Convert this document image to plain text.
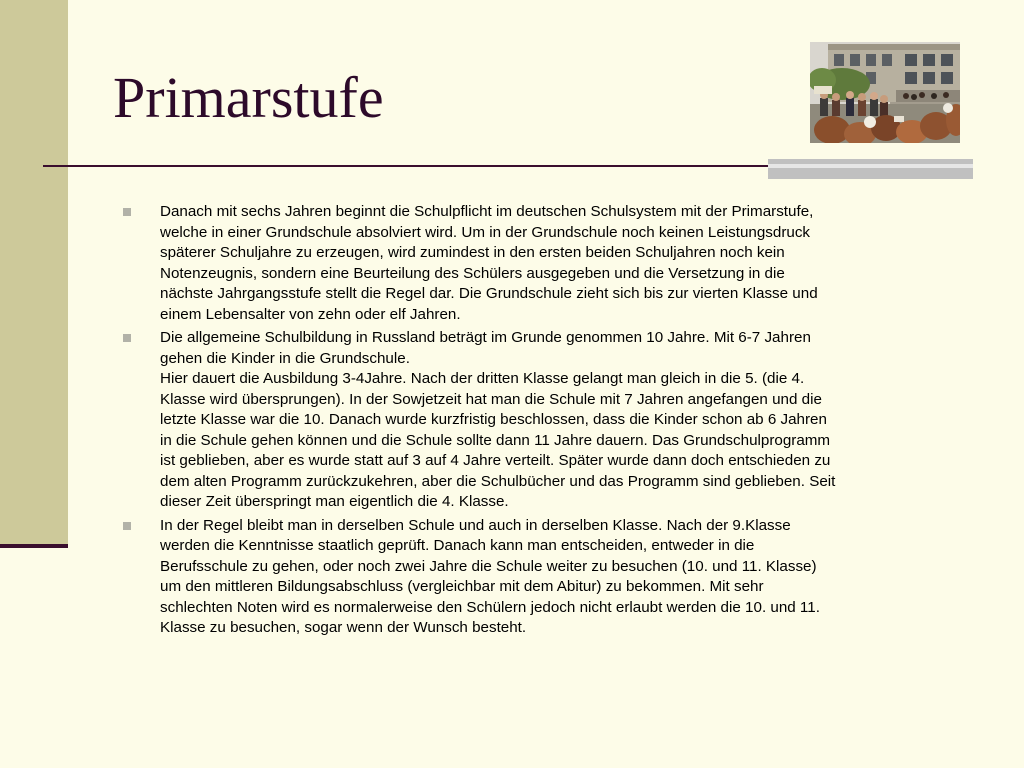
Primarstufe
Danach mit sechs Jahren beginnt die Schulpflicht im deutschen Schulsystem mit der Primarstufe,
welche in einer Grundschule absolviert wird. Um in der Grundschule noch keinen Leistungsdruck
späterer Schuljahre zu erzeugen, wird zumindest in den ersten beiden Schuljahren noch kein
Notenzeugnis, sondern eine Beurteilung des Schülers ausgegeben und die Versetzung in die
nächste Jahrgangsstufe stellt die Regel dar. Die Grundschule zieht sich bis zur vierten Klasse und
einem Lebensalter von zehn oder elf Jahren.
Die allgemeine Schulbildung in Russland beträgt im Grunde genommen 10 Jahre. Mit 6-7 Jahren
gehen die Kinder in die Grundschule.
Hier dauert die Ausbildung 3-4Jahre. Nach der dritten Klasse gelangt man gleich in die 5. (die 4.
Klasse wird übersprungen). In der Sowjetzeit hat man die Schule mit 7 Jahren angefangen und die
letzte Klasse war die 10. Danach wurde kurzfristig beschlossen, dass die Kinder schon ab 6 Jahren
in die Schule gehen können und die Schule sollte dann 11 Jahre dauern. Das Grundschulprogramm
ist geblieben, aber es wurde statt auf 3 auf 4 Jahre verteilt. Später wurde dann doch entschieden zu
dem alten Programm zurückzukehren, aber die Schulbücher und das Programm sind geblieben. Seit
dieser Zeit überspringt man eigentlich die 4. Klasse.
In der Regel bleibt man in derselben Schule und auch in derselben Klasse. Nach der 9.Klasse
werden die Kenntnisse staatlich geprüft. Danach kann man entscheiden, entweder in die
Berufsschule zu gehen, oder noch zwei Jahre die Schule weiter zu besuchen (10. und 11. Klasse)
um den mittleren Bildungsabschluss (vergleichbar mit dem Abitur) zu bekommen. Mit sehr
schlechten Noten wird es normalerweise den Schülern jedoch nicht erlaubt werden die 10. und 11.
Klasse zu besuchen, sogar wenn der Wunsch besteht.
